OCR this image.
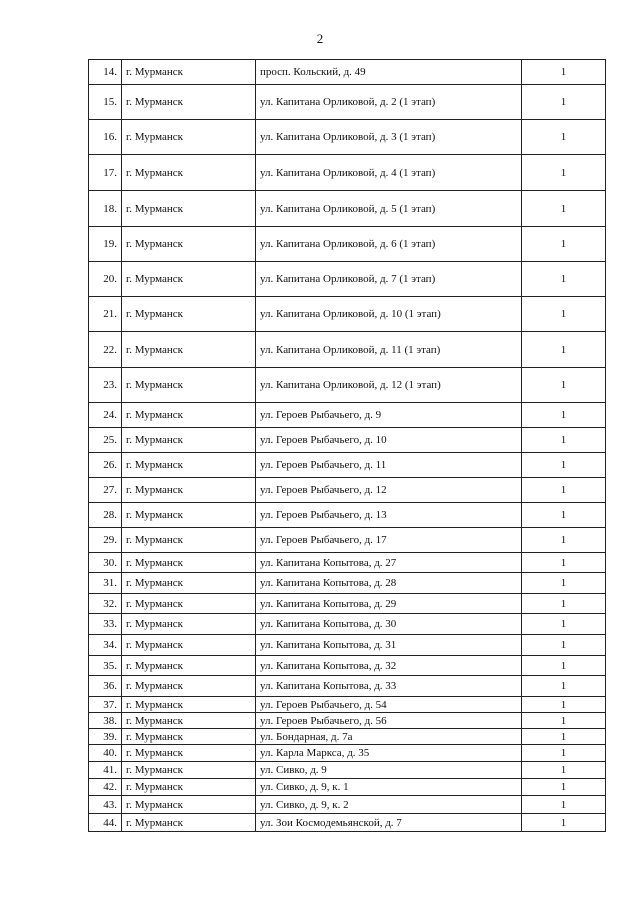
2
14.	г. Мурманск	просп. Кольский, д. 49	1
15.	г. Мурманск	ул. Капитана Орликовой, д. 2 (1 этап)	1
16.	г. Мурманск	ул. Капитана Орликовой, д. 3 (1 этап)	1
17.	г. Мурманск	ул. Капитана Орликовой, д. 4 (1 этап)	1
18.	г. Мурманск	ул. Капитана Орликовой, д. 5 (1 этап)	1
19.	г. Мурманск	ул. Капитана Орликовой, д. 6 (1 этап)	1
20.	г. Мурманск	ул. Капитана Орликовой, д. 7 (1 этап)	1
21.	г. Мурманск	ул. Капитана Орликовой, д. 10 (1 этап)	1
22.	г. Мурманск	ул. Капитана Орликовой, д. 11 (1 этап)	1
23.	г. Мурманск	ул. Капитана Орликовой, д. 12 (1 этап)	1
24.	г. Мурманск	ул. Героев Рыбачьего, д. 9	1
25.	г. Мурманск	ул. Героев Рыбачьего, д. 10	1
26.	г. Мурманск	ул. Героев Рыбачьего, д. 11	1
27.	г. Мурманск	ул. Героев Рыбачьего, д. 12	1
28.	г. Мурманск	ул. Героев Рыбачьего, д. 13	1
29.	г. Мурманск	ул. Героев Рыбачьего, д. 17	1
30.	г. Мурманск	ул. Капитана Копытова, д. 27	1
31.	г. Мурманск	ул. Капитана Копытова, д. 28	1
32.	г. Мурманск	ул. Капитана Копытова, д. 29	1
33.	г. Мурманск	ул. Капитана Копытова, д. 30	1
34.	г. Мурманск	ул. Капитана Копытова, д. 31	1
35.	г. Мурманск	ул. Капитана Копытова, д. 32	1
36.	г. Мурманск	ул. Капитана Копытова, д. 33	1
37.	г. Мурманск	ул. Героев Рыбачьего, д. 54	1
38.	г. Мурманск	ул. Героев Рыбачьего, д. 56	1
39.	г. Мурманск	ул. Бондарная, д. 7а	1
40.	г. Мурманск	ул. Карла Маркса, д. 35	1
41.	г. Мурманск	ул. Сивко, д. 9	1
42.	г. Мурманск	ул. Сивко, д. 9, к. 1	1
43.	г. Мурманск	ул. Сивко, д. 9, к. 2	1
44.	г. Мурманск	ул. Зои Космодемьянской, д. 7	1
